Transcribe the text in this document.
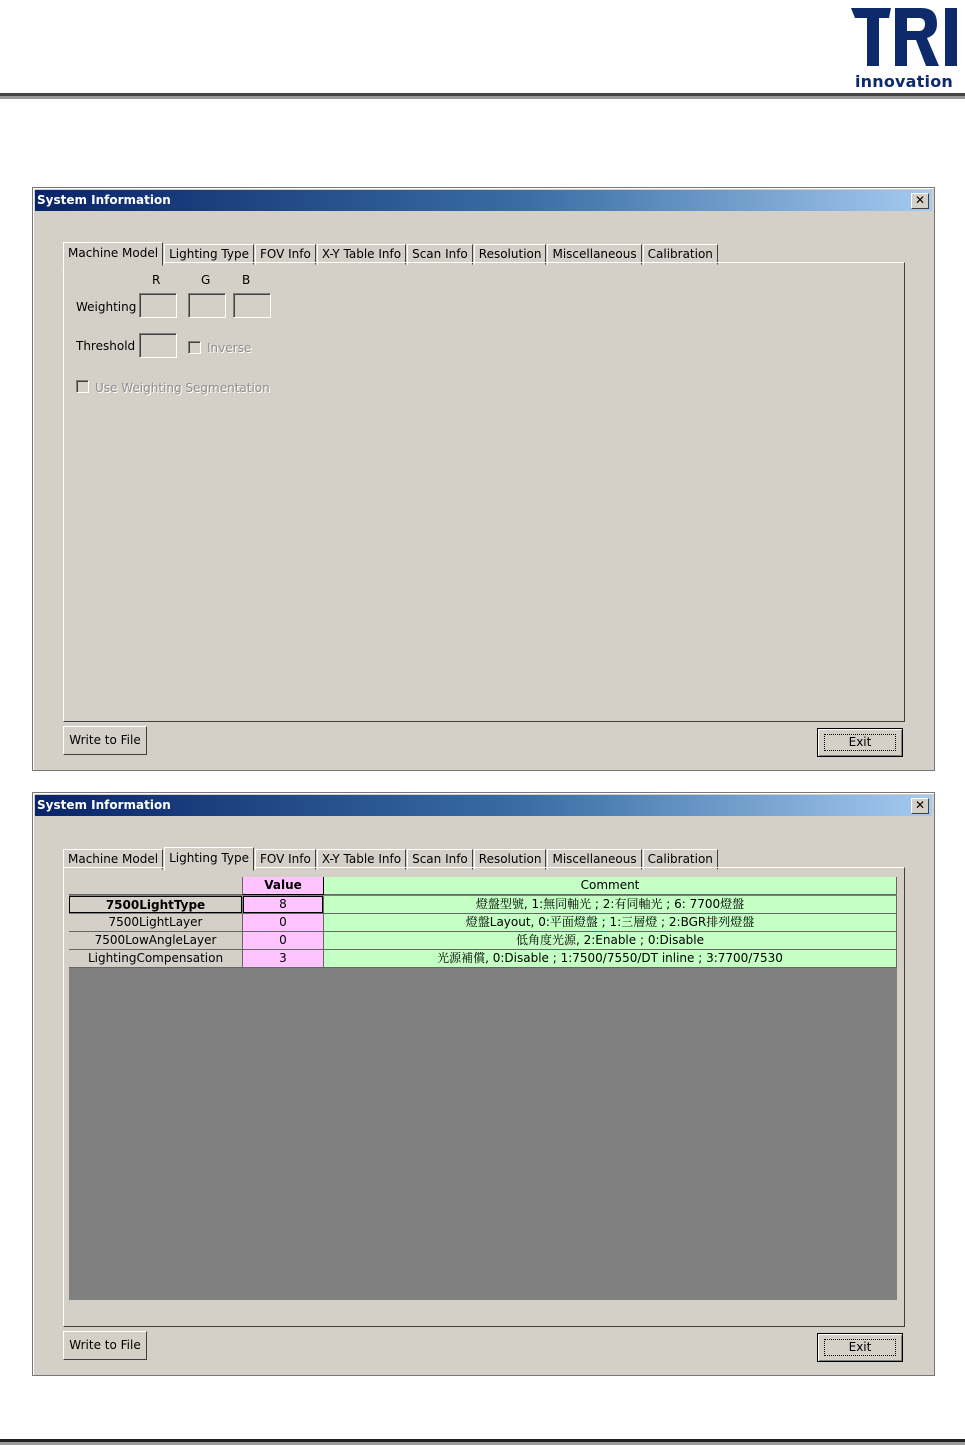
innovation
System Information	✕
Machine Model Lighting Type FOV Info X-Y Table Info Scan Info Resolution Miscellaneous Calibration
R	G	B
Weighting
Threshold	Inverse
Use Weighting Segmentation
Write to File	Exit
System Information	✕
Machine Model Lighting Type FOV Info X-Y Table Info Scan Info Resolution Miscellaneous Calibration
Value	Comment
7500LightType	8	燈盤型號, 1:無同軸光 ; 2:有同軸光 ; 6: 7700燈盤
7500LightLayer	0	燈盤Layout, 0:平面燈盤 ; 1:三層燈 ; 2:BGR排列燈盤
7500LowAngleLayer	0	低角度光源, 2:Enable ; 0:Disable
LightingCompensation	3	光源補償, 0:Disable ; 1:7500/7550/DT inline ; 3:7700/7530
Write to File	Exit
